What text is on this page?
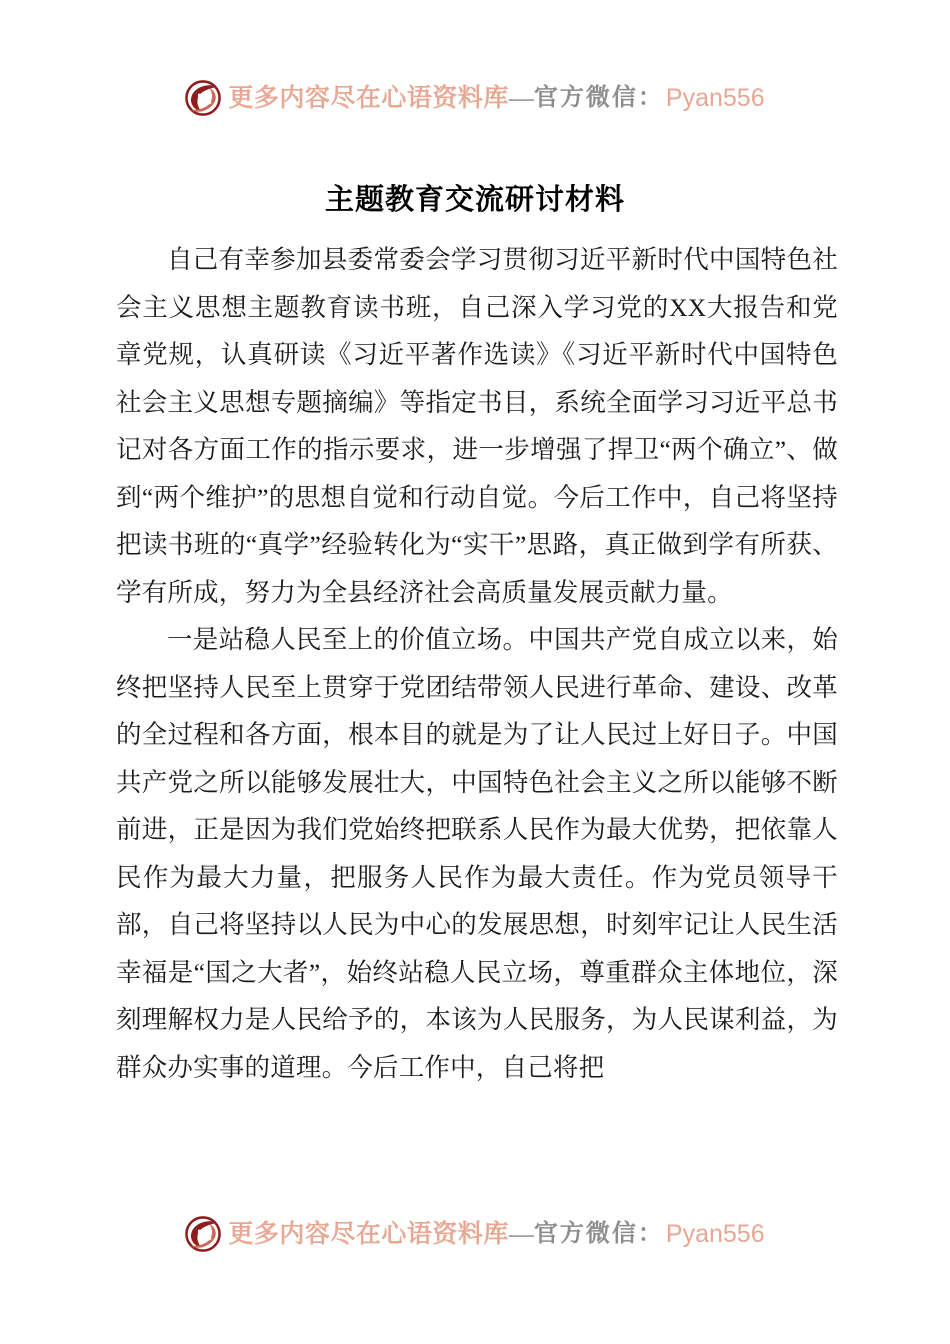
更多内容尽在心语资料库 — 官方微信： Pyan556
主题教育交流研讨材料

自己有幸参加县委常委会学习贯彻习近平新时代中国特色社会主义思想主题教育读书班，自己深入学习党的XX大报告和党章党规，认真研读《习近平著作选读》《习近平新时代中国特色社会主义思想专题摘编》等指定书目，系统全面学习习近平总书记对各方面工作的指示要求，进一步增强了捍卫“两个确立”、做到“两个维护”的思想自觉和行动自觉。今后工作中，自己将坚持把读书班的“真学”经验转化为“实干”思路，真正做到学有所获、学有所成，努力为全县经济社会高质量发展贡献力量。

一是站稳人民至上的价值立场。中国共产党自成立以来，始终把坚持人民至上贯穿于党团结带领人民进行革命、建设、改革的全过程和各方面，根本目的就是为了让人民过上好日子。中国共产党之所以能够发展壮大，中国特色社会主义之所以能够不断前进，正是因为我们党始终把联系人民作为最大优势，把依靠人民作为最大力量，把服务人民作为最大责任。作为党员领导干部，自己将坚持以人民为中心的发展思想，时刻牢记让人民生活幸福是“国之大者”，始终站稳人民立场，尊重群众主体地位，深刻理解权力是人民给予的，本该为人民服务，为人民谋利益，为群众办实事的道理。今后工作中，自己将把

更多内容尽在心语资料库 — 官方微信： Pyan556
